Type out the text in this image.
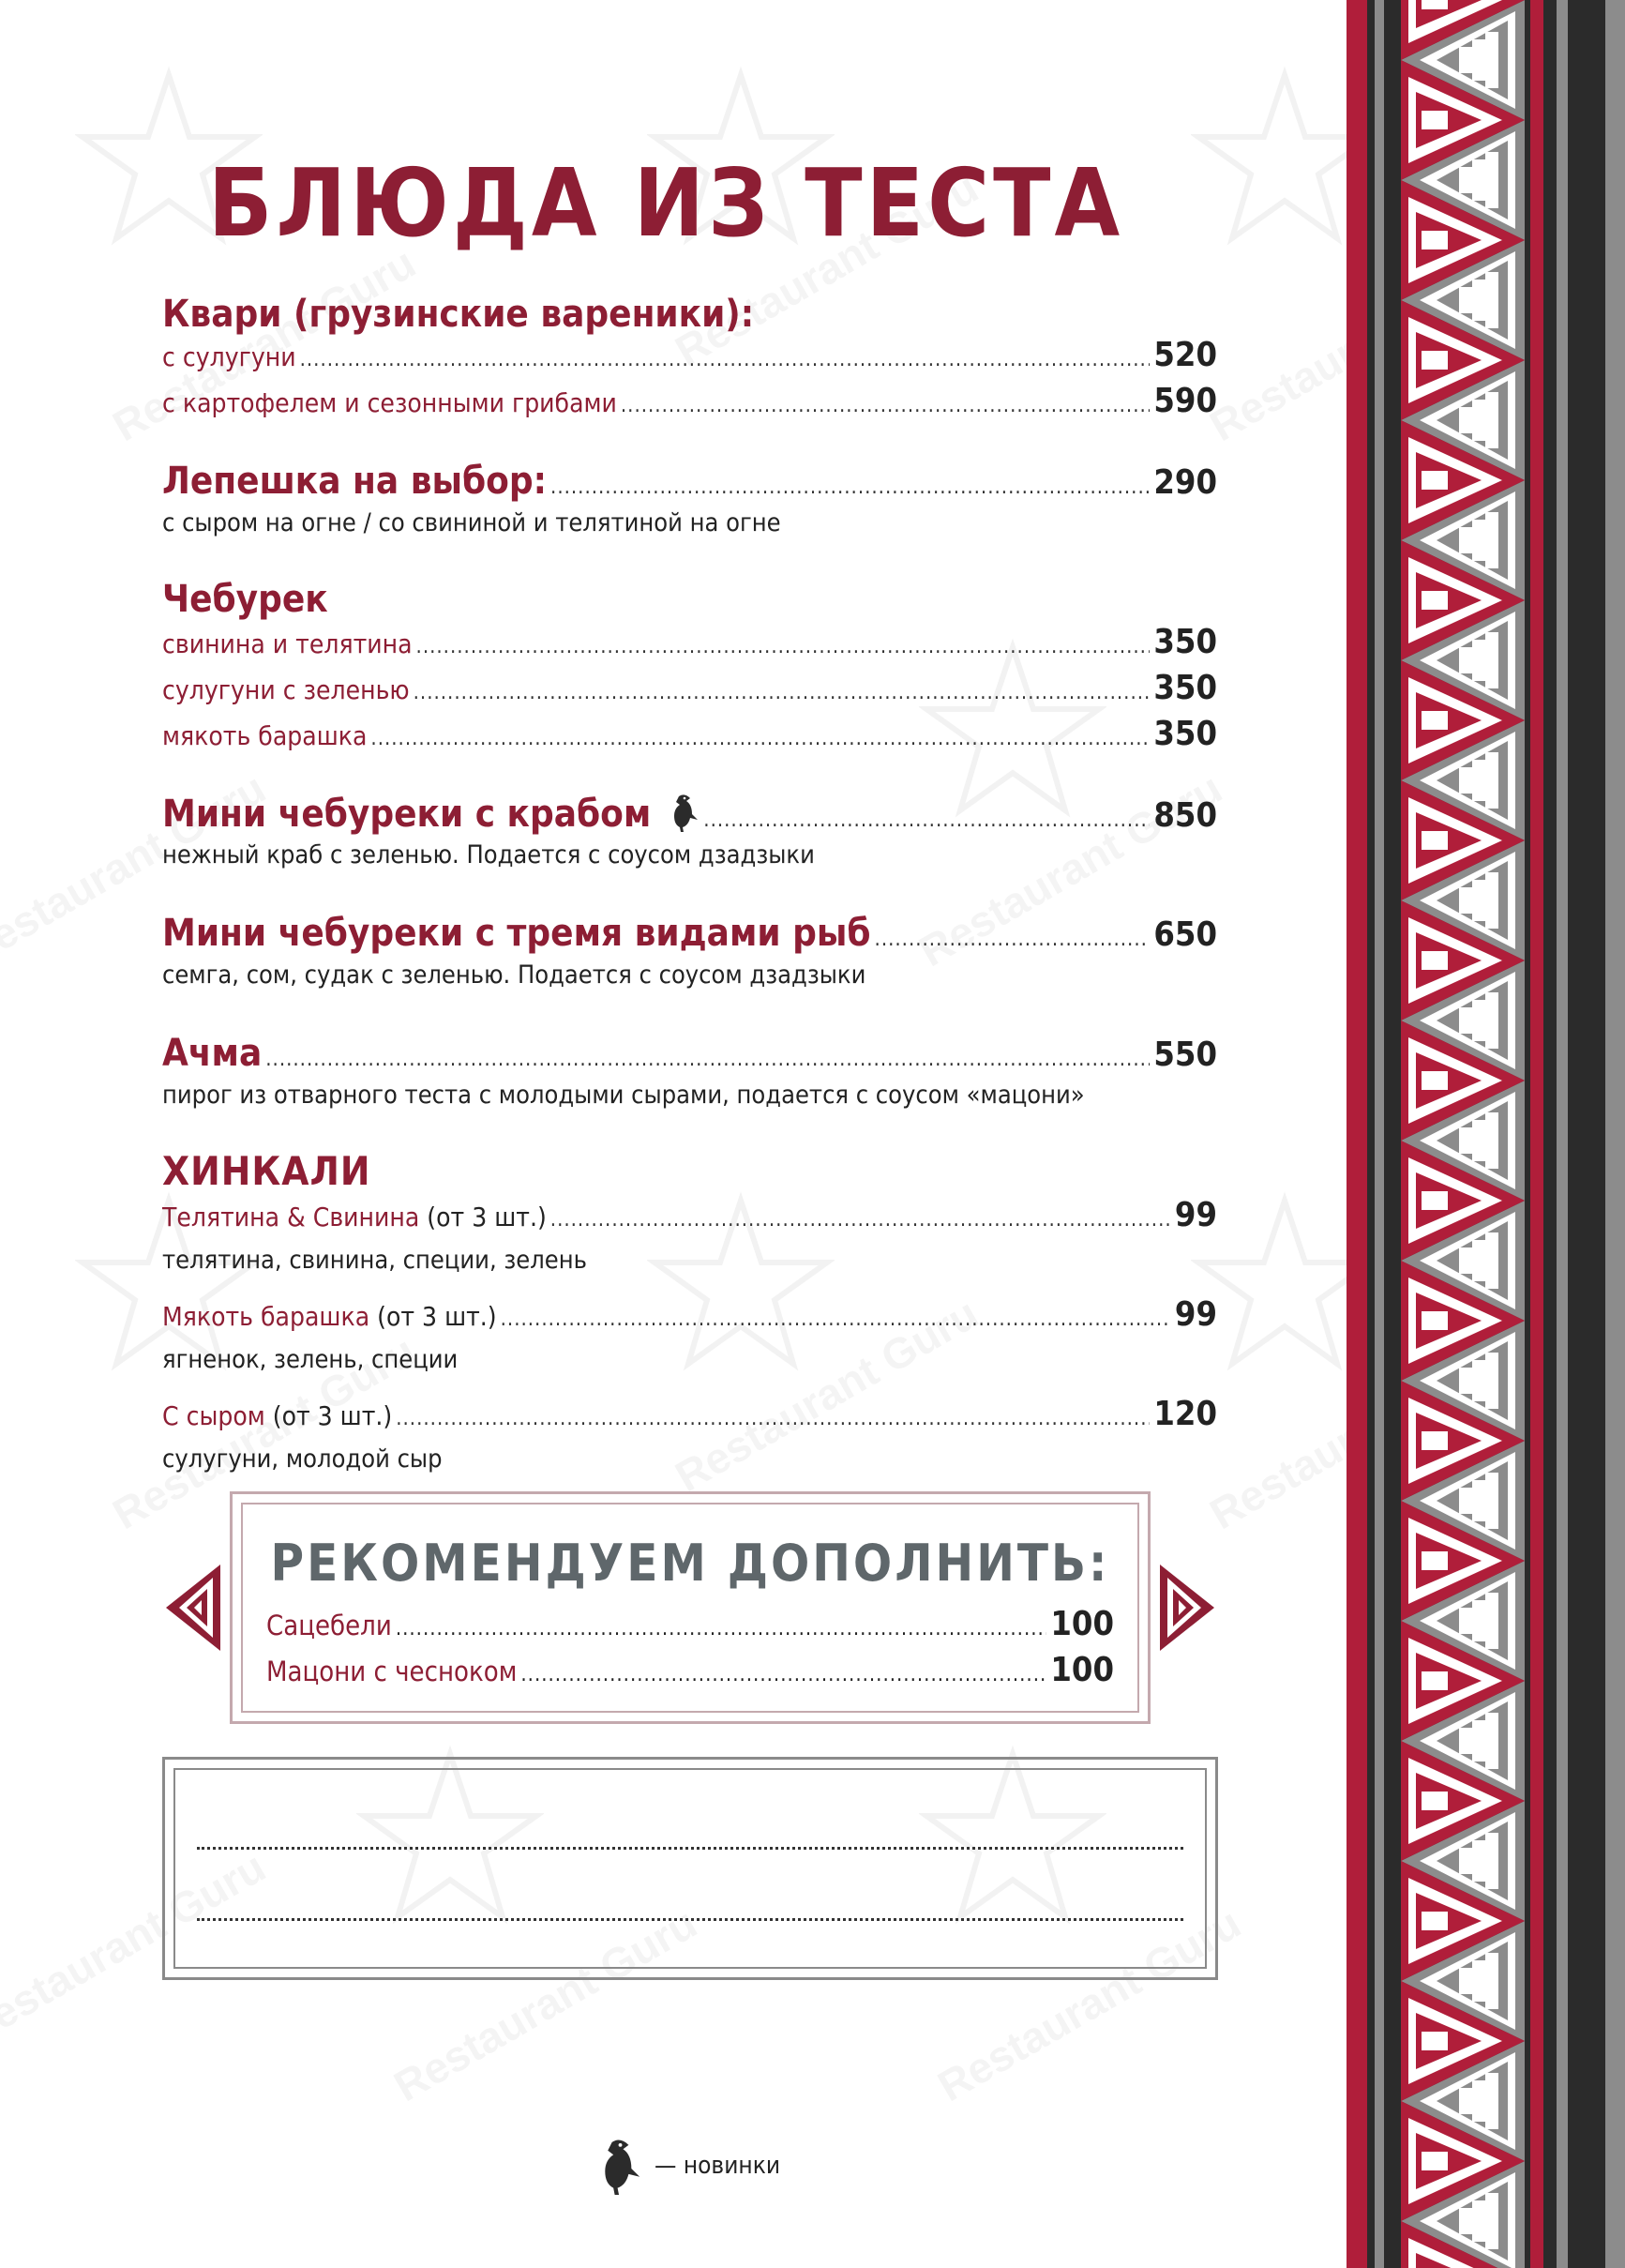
БЛЮДА ИЗ ТЕСТА
Квари (грузинские вареники):
с сулугуни .....	520
с картофелем и сезонными грибами .....	590
Лепешка на выбор: .....	290
с сыром на огне / со свининой и телятиной на огне
Чебурек
свинина и телятина .....	350
сулугуни с зеленью .....	350
мякоть барашка .....	350
Мини чебуреки с крабом .....	850
нежный краб с зеленью. Подается с соусом дзадзыки
Мини чебуреки с тремя видами рыб .....	650
семга, сом, судак с зеленью. Подается с соусом дзадзыки
Ачма .....	550
пирог из отварного теста с молодыми сырами, подается с соусом «мацони»
ХИНКАЛИ
Телятина & Свинина (от 3 шт.) .....	99
телятина, свинина, специи, зелень
Мякоть барашка (от 3 шт.) .....	99
ягненок, зелень, специи
С сыром (от 3 шт.) .....	120
сулугуни, молодой сыр
РЕКОМЕНДУЕМ ДОПОЛНИТЬ:
Сацебели .....	100
Мацони с чесноком .....	100
— новинки
